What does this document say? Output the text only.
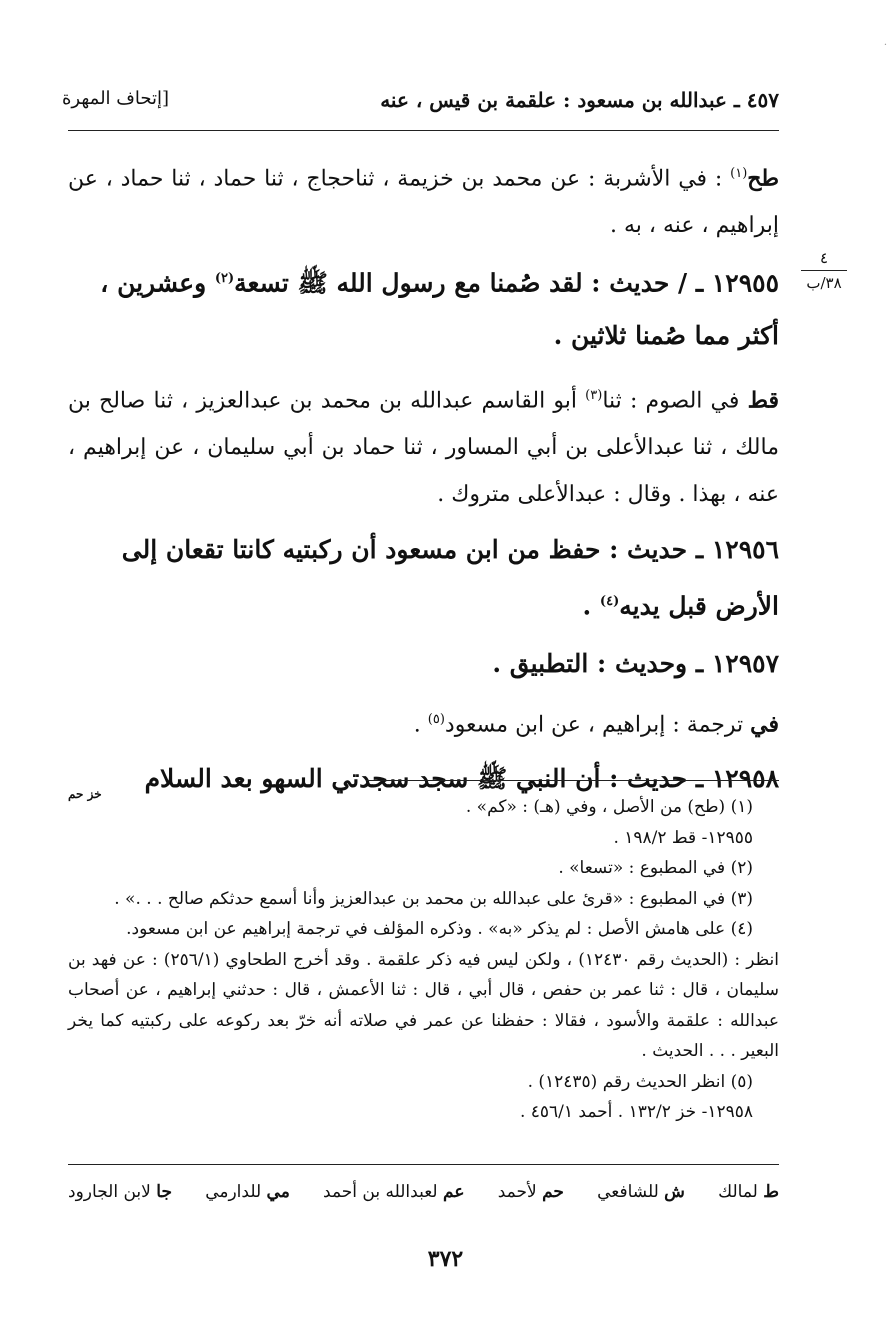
·
٤٥٧ ـ عبدالله بن مسعود : علقمة بن قيس ، عنه
[إتحاف المهرة
٤
٣٨/ب

طح$^{(١)}$ : في الأشربة : عن محمد بن خزيمة ، ثناحجاج ، ثنا حماد ، ثنا حماد ، عن إبراهيم ، عنه ، به .

١٢٩٥٥ ـ / حديث : لقد صُمنا مع رسول الله ﷺ تسعة$^{(٢)}$ وعشرين ، أكثر مما صُمنا ثلاثين .

قط في الصوم : ثنا$^{(٣)}$ أبو القاسم عبدالله بن محمد بن عبدالعزيز ، ثنا صالح بن مالك ، ثنا عبدالأعلى بن أبي المساور ، ثنا حماد بن أبي سليمان ، عن إبراهيم ، عنه ، بهذا . وقال : عبدالأعلى متروك .

١٢٩٥٦ ـ حديث : حفظ من ابن مسعود أن ركبتيه كانتا تقعان إلى الأرض قبل يديه$^{(٤)}$ .

١٢٩٥٧ ـ وحديث : التطبيق .

في ترجمة : إبراهيم ، عن ابن مسعود$^{(٥)}$ .

١٢٩٥٨ ـ حديث : أن النبي ﷺ سجد سجدتي السهو بعد السلام

خز حم

(١) (طح) من الأصل ، وفي (هـ) : «كم» .

١٢٩٥٥- قط ١٩٨/٢ .

(٢) في المطبوع : «تسعا» .

(٣) في المطبوع : «قرئ على عبدالله بن محمد بن عبدالعزيز وأنا أسمع حدثكم صالح . . .» .

(٤) على هامش الأصل : لم يذكر «به» . وذكره المؤلف في ترجمة إبراهيم عن ابن مسعود.

انظر : (الحديث رقم ١٢٤٣٠) ، ولكن ليس فيه ذكر علقمة . وقد أخرج الطحاوي (٢٥٦/١) : عن فهد بن سليمان ، قال : ثنا عمر بن حفص ، قال أبي ، قال : ثنا الأعمش ، قال : حدثني إبراهيم ، عن أصحاب عبدالله : علقمة والأسود ، فقالا : حفظنا عن عمر في صلاته أنه خرّ بعد ركوعه على ركبتيه كما يخر البعير . . . الحديث .

(٥) انظر الحديث رقم (١٢٤٣٥) .

١٢٩٥٨- خز ١٣٢/٢ . أحمد ٤٥٦/١ .

ط لمالك
ش للشافعي
حم لأحمد
عم لعبدالله بن أحمد
مي للدارمي
جا لابن الجارود
٣٧٢
